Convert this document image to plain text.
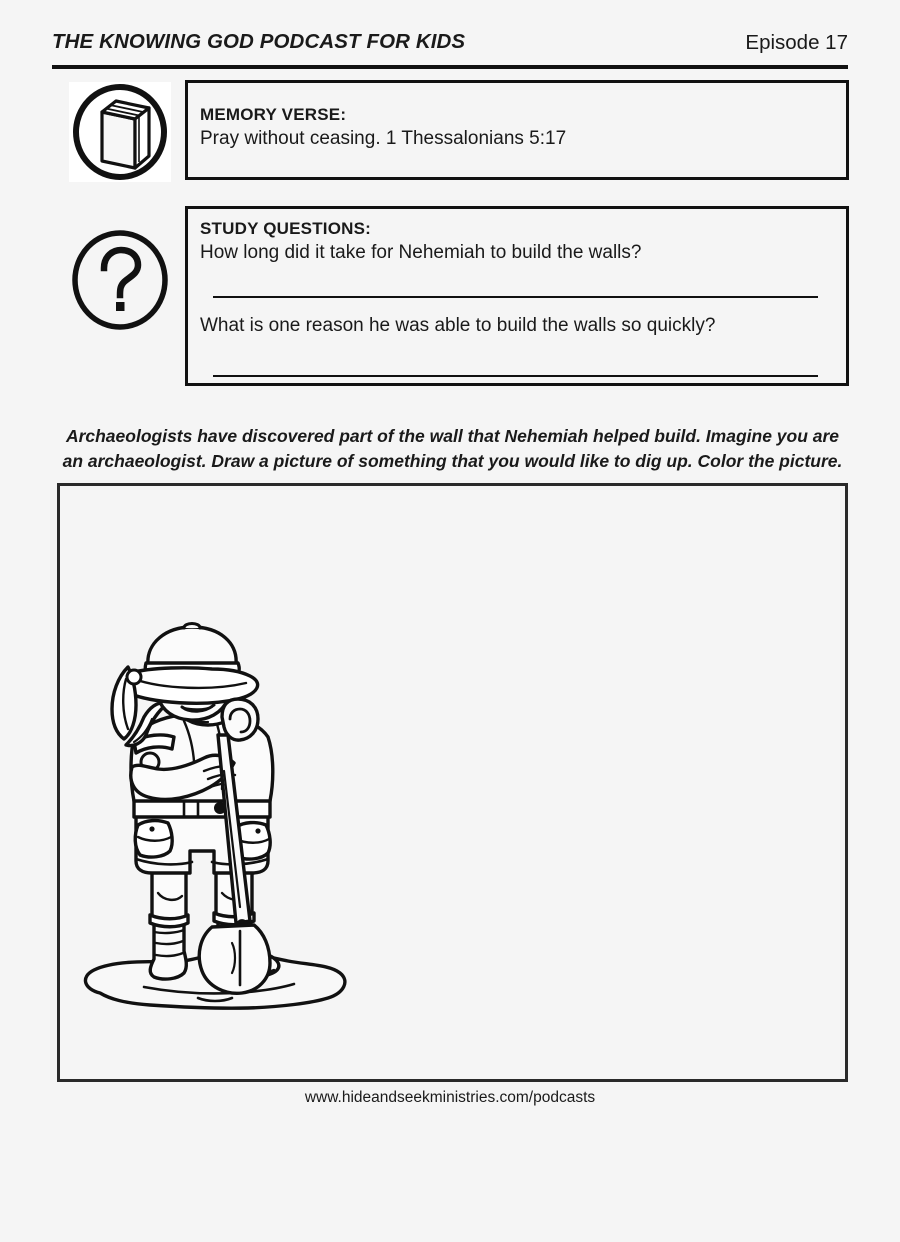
THE KNOWING GOD PODCAST FOR KIDS	Episode 17
MEMORY VERSE:
Pray without ceasing. 1 Thessalonians 5:17
STUDY QUESTIONS:
How long did it take for Nehemiah to build the walls?
What is one reason he was able to build the walls so quickly?
Archaeologists have discovered part of the wall that Nehemiah helped build. Imagine you are an archaeologist. Draw a picture of something that you would like to dig up. Color the picture.
www.hideandseekministries.com/podcasts
